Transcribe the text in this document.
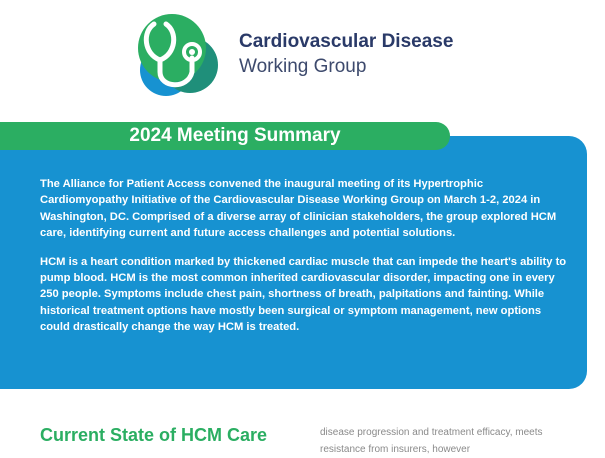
Cardiovascular Disease
Working Group

The Alliance for Patient Access convened the inaugural meeting of its Hypertrophic Cardiomyopathy Initiative of the Cardiovascular Disease Working Group on March 1-2, 2024 in Washington, DC. Comprised of a diverse array of clinician stakeholders, the group explored HCM care, identifying current and future access challenges and potential solutions.

HCM is a heart condition marked by thickened cardiac muscle that can impede the heart's ability to pump blood. HCM is the most common inherited cardiovascular disorder, impacting one in every 250 people. Symptoms include chest pain, shortness of breath, palpitations and fainting. While historical treatment options have mostly been surgical or symptom management, new options could drastically change the way HCM is treated.

2024 Meeting Summary
Current State of HCM Care	disease progression and treatment efficacy, meets resistance from insurers, however
